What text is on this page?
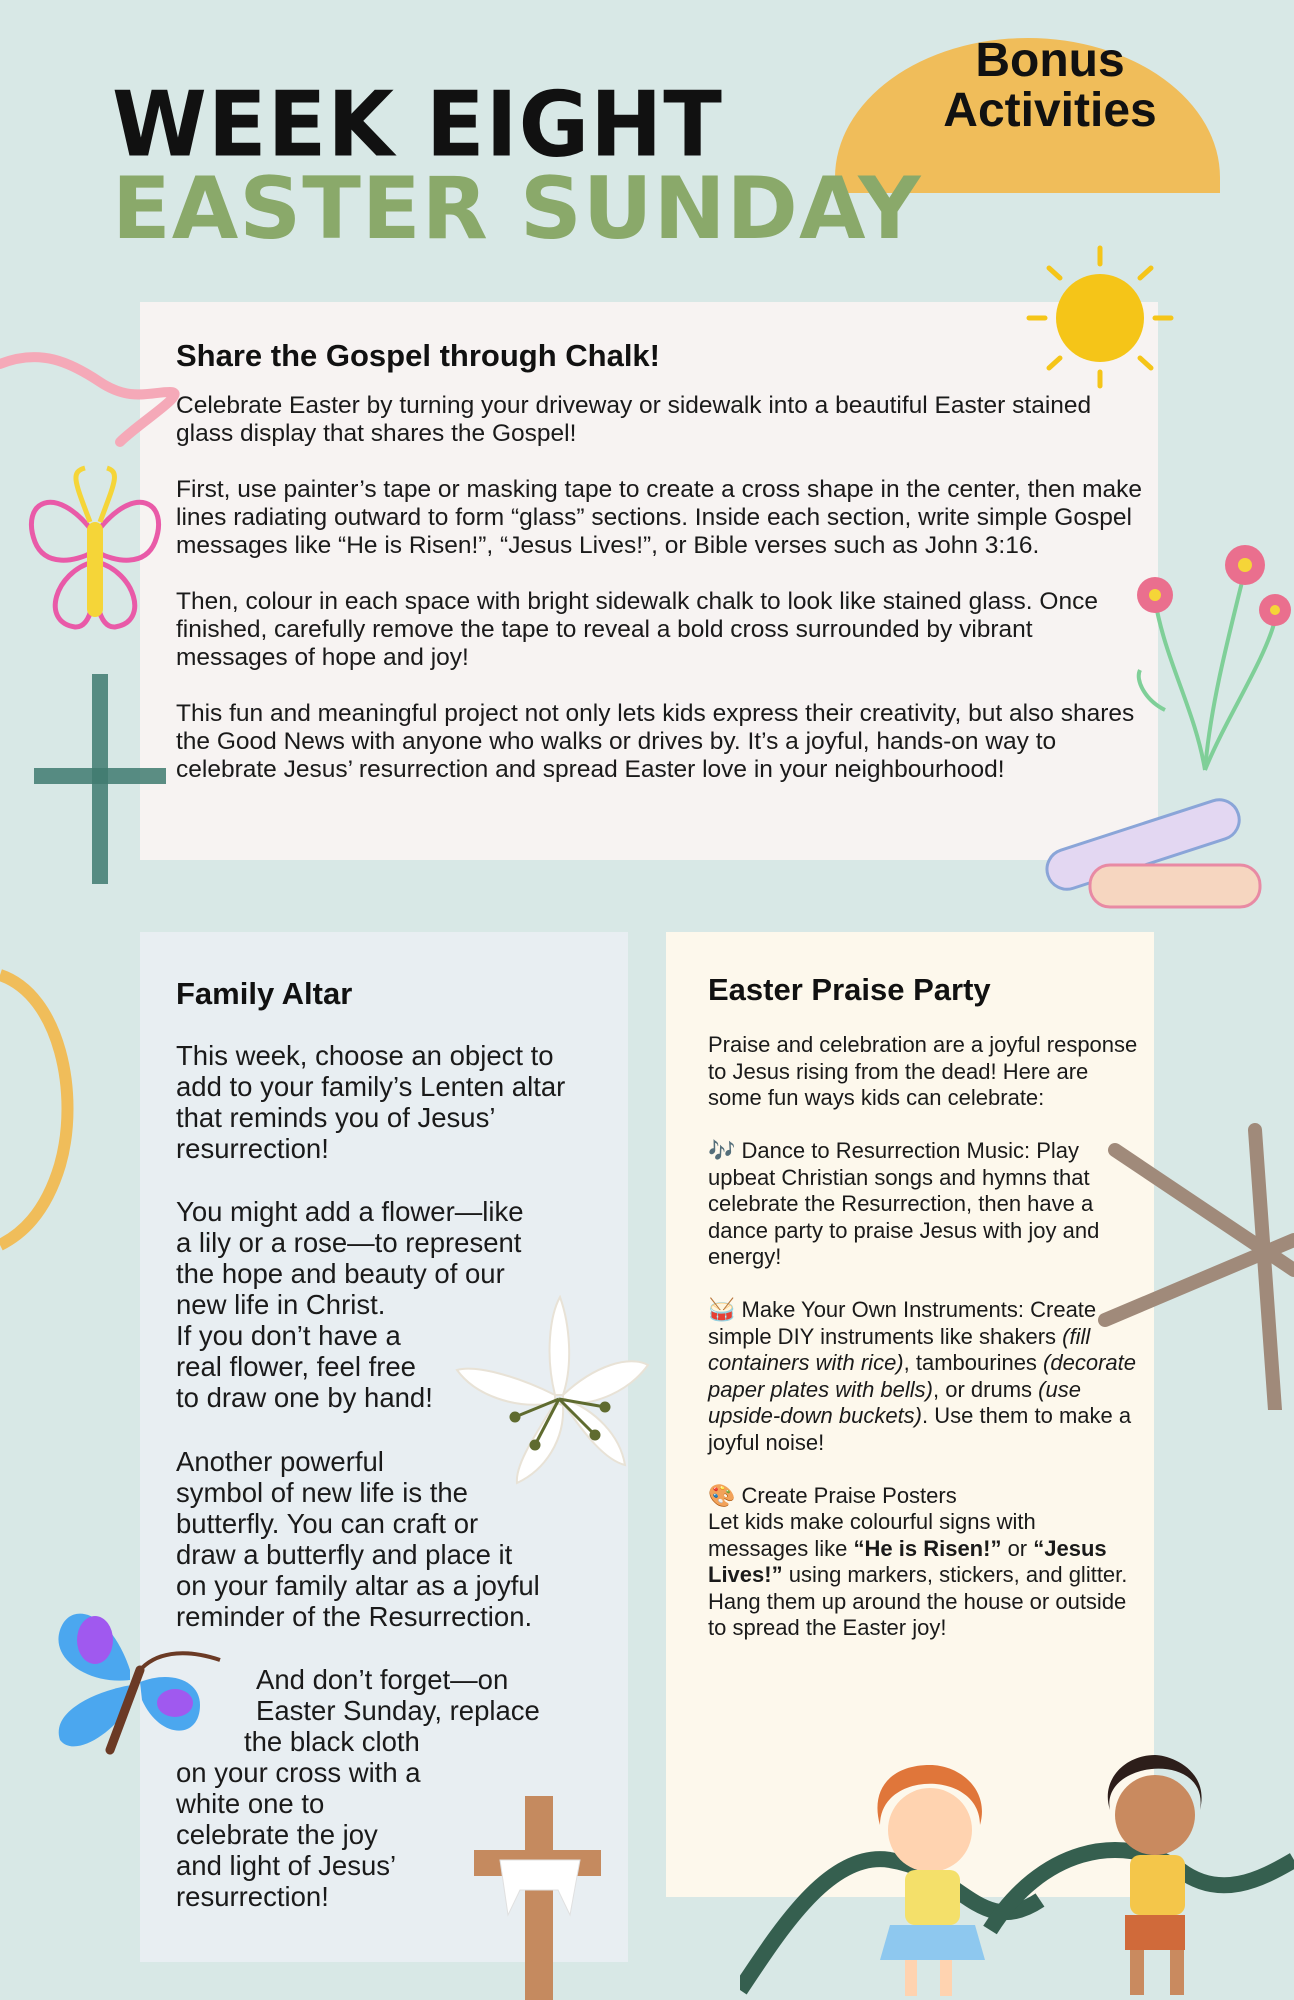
Bonus
Activities
WEEK EIGHT
EASTER SUNDAY
Share the Gospel through Chalk!

Celebrate Easter by turning your driveway or sidewalk into a beautiful Easter stained glass display that shares the Gospel!

First, use painter’s tape or masking tape to create a cross shape in the center, then make lines radiating outward to form “glass” sections. Inside each section, write simple Gospel messages like “He is Risen!”, “Jesus Lives!”, or Bible verses such as John 3:16.

Then, colour in each space with bright sidewalk chalk to look like stained glass. Once finished, carefully remove the tape to reveal a bold cross surrounded by vibrant messages of hope and joy!

This fun and meaningful project not only lets kids express their creativity, but also shares the Good News with anyone who walks or drives by. It’s a joyful, hands-on way to celebrate Jesus’ resurrection and spread Easter love in your neighbourhood!

Family Altar
This week, choose an object to add to your family’s Lenten altar that reminds you of Jesus’ resurrection!
You might add a flower—like
a lily or a rose—to represent
the hope and beauty of our
new life in Christ.
If you don’t have a
real flower, feel free
to draw one by hand!
Another powerful
symbol of new life is the
butterfly. You can craft or
draw a butterfly and place it
on your family altar as a joyful
reminder of the Resurrection.
And don’t forget—on
Easter Sunday, replace
the black cloth
on your cross with a
white one to
celebrate the joy
and light of Jesus’
resurrection!
Easter Praise Party

Praise and celebration are a joyful response to Jesus rising from the dead! Here are some fun ways kids can celebrate:

🎶 Dance to Resurrection Music: Play upbeat Christian songs and hymns that celebrate the Resurrection, then have a dance party to praise Jesus with joy and energy!

🥁 Make Your Own Instruments: Create simple DIY instruments like shakers (fill containers with rice), tambourines (decorate paper plates with bells), or drums (use upside-down buckets). Use them to make a joyful noise!

🎨 Create Praise Posters
Let kids make colourful signs with messages like “He is Risen!” or “Jesus Lives!” using markers, stickers, and glitter. Hang them up around the house or outside to spread the Easter joy!
